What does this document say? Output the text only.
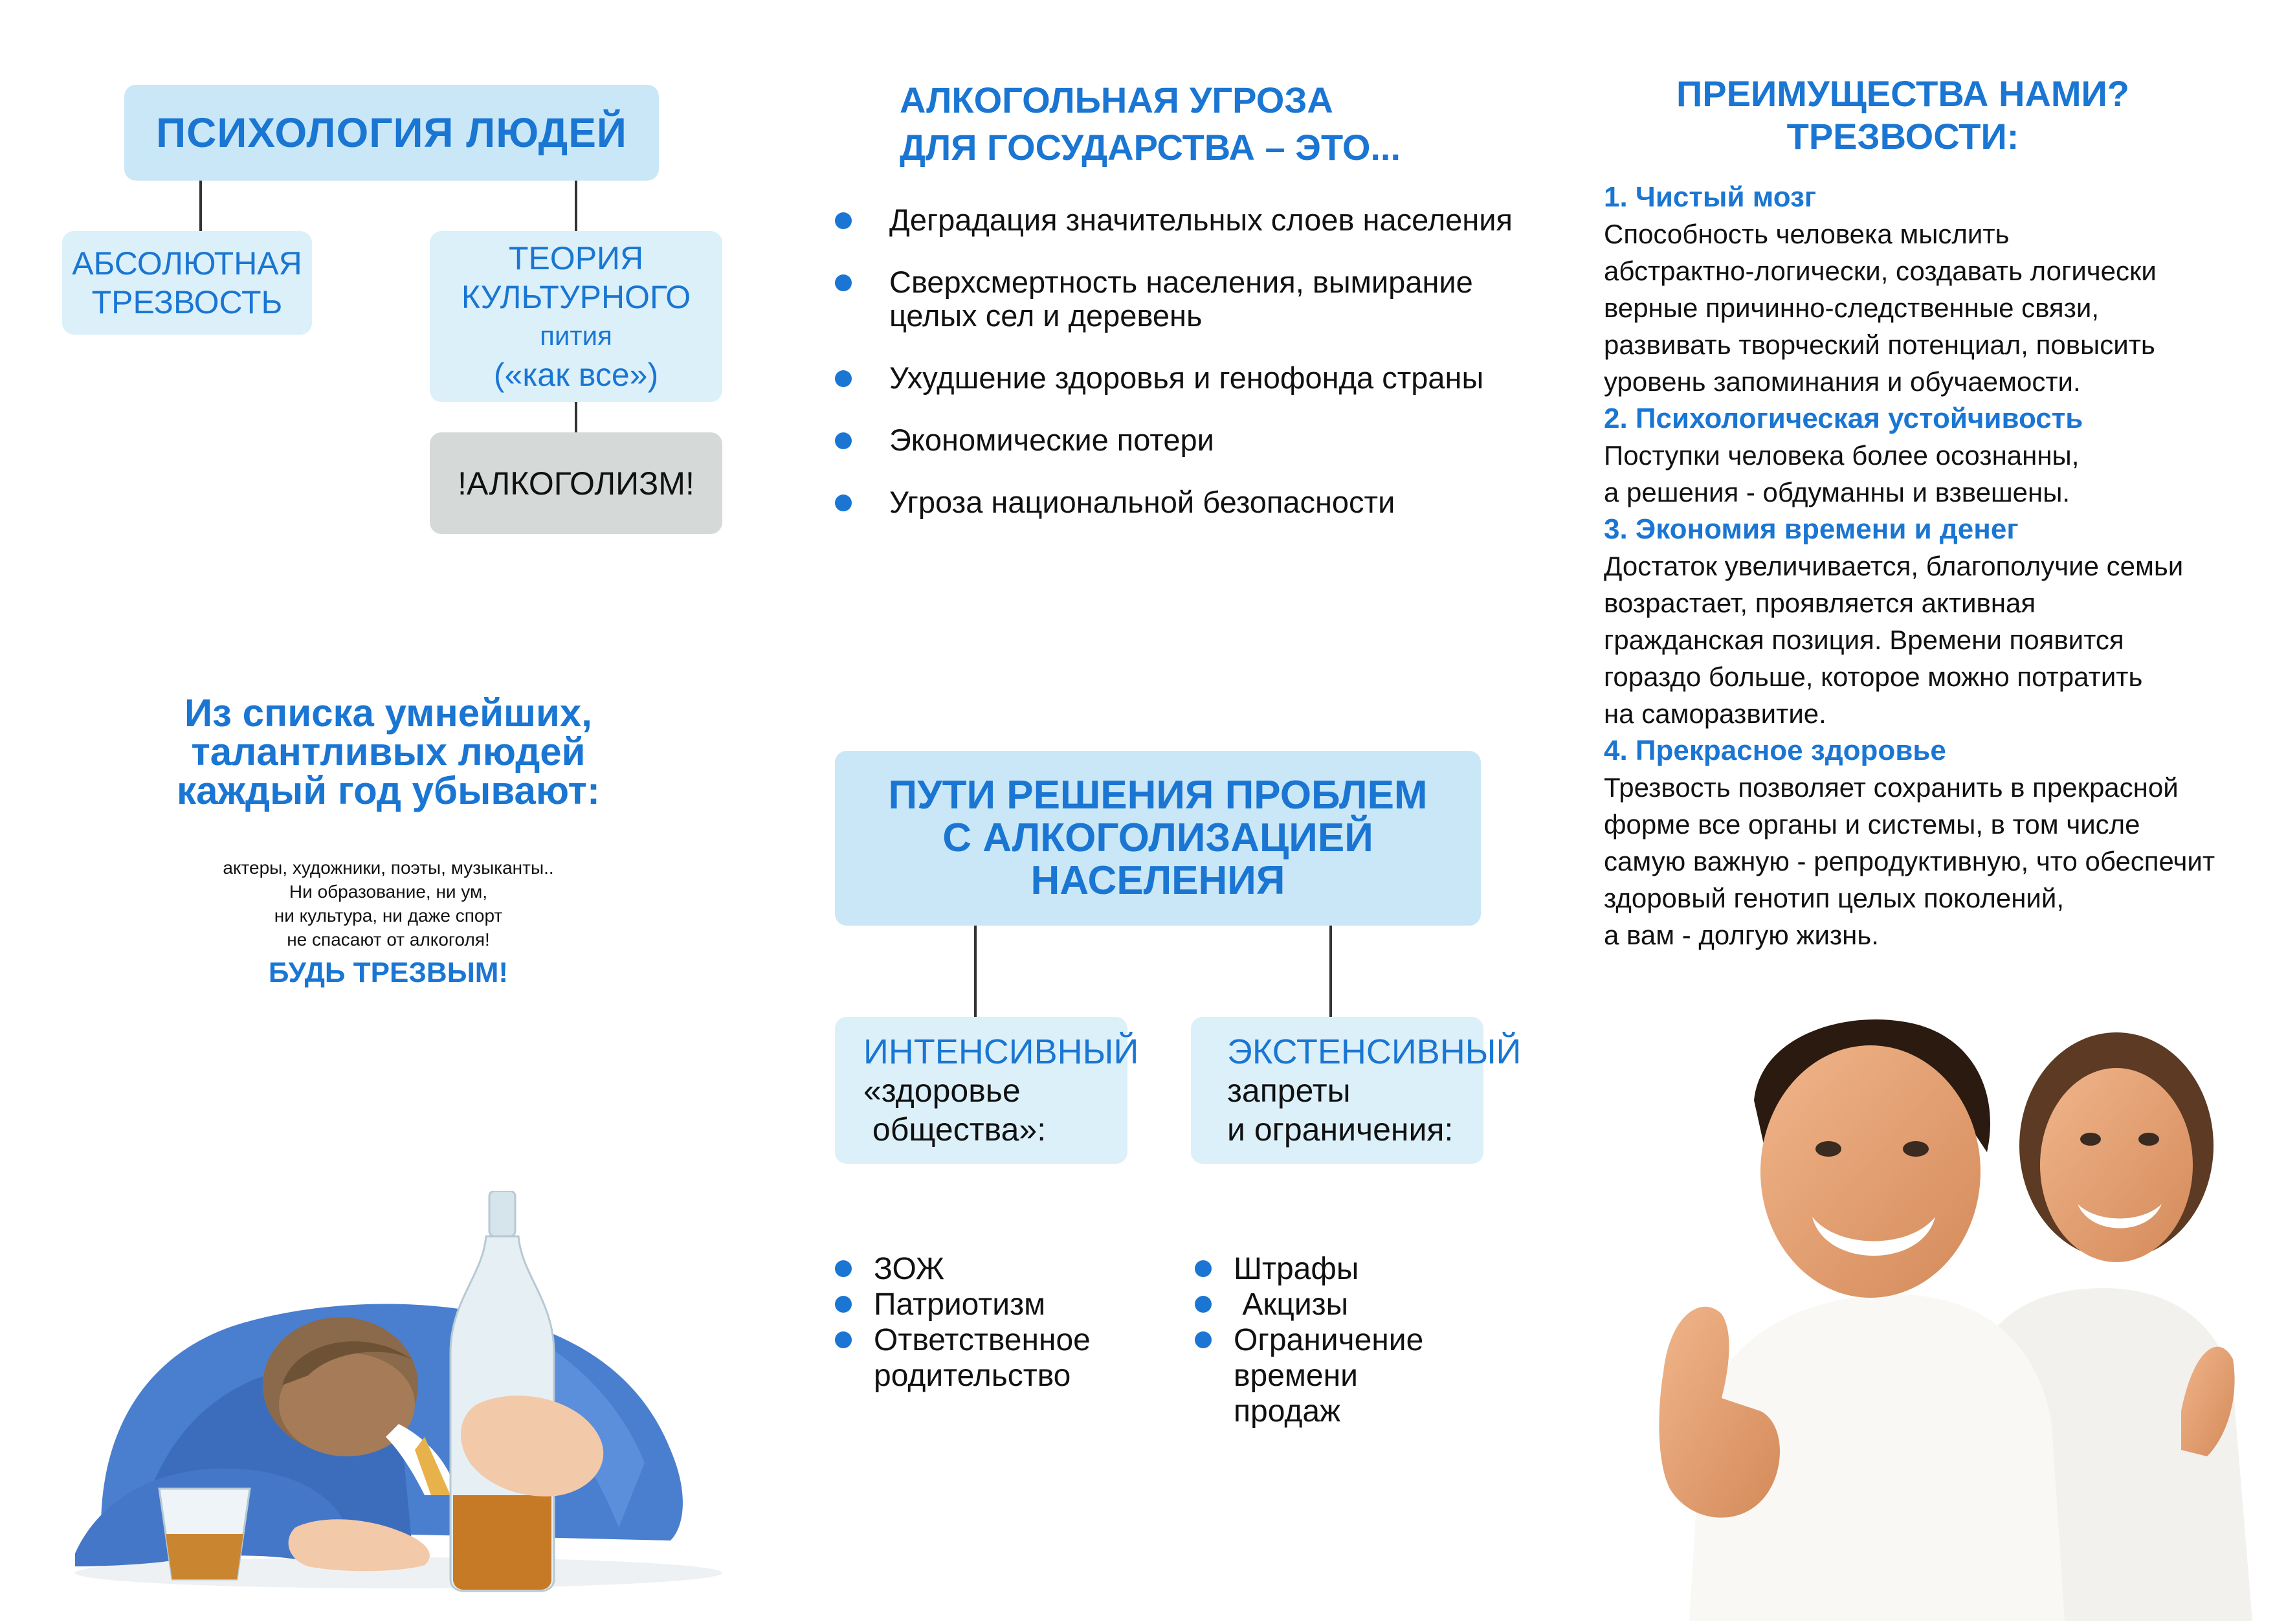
ПСИХОЛОГИЯ ЛЮДЕЙ
АБСОЛЮТНАЯ
ТРЕЗВОСТЬ
ТЕОРИЯ
КУЛЬТУРНОГО
пития
(«как все»)
!АЛКОГОЛИЗМ!
Из списка умнейших,
талантливых людей
каждый год убывают:
актеры, художники, поэты, музыканты..
Ни образование, ни ум,
ни культура, ни даже спорт
не спасают от алкоголя!
БУДЬ ТРЕЗВЫМ!
АЛКОГОЛЬНАЯ УГРОЗА
ДЛЯ ГОСУДАРСТВА – ЭТО...
Деградация значительных слоев населения
Сверхсмертность населения, вымирание
целых сел и деревень
Ухудшение здоровья и генофонда страны
Экономические потери
Угроза национальной безопасности
ПУТИ РЕШЕНИЯ ПРОБЛЕМ
С АЛКОГОЛИЗАЦИЕЙ
НАСЕЛЕНИЯ
ИНТЕНСИВНЫЙ
«здоровье
общества»:
ЭКСТЕНСИВНЫЙ
запреты
и ограничения:
ЗОЖ
Патриотизм
Ответственное
родительство
Штрафы
Акцизы
Ограничение
времени
продаж
ПРЕИМУЩЕСТВА НАМИ?
ТРЕЗВОСТИ:
1. Чистый мозг
Способность человека мыслить
абстрактно-логически, создавать логически
верные причинно-следственные связи,
развивать творческий потенциал, повысить
уровень запоминания и обучаемости.
2. Психологическая устойчивость
Поступки человека более осознанны,
а решения - обдуманны и взвешены.
3. Экономия времени и денег
Достаток увеличивается, благополучие семьи
возрастает, проявляется активная
гражданская позиция. Времени появится
гораздо больше, которое можно потратить
на саморазвитие.
4. Прекрасное здоровье
Трезвость позволяет сохранить в прекрасной
форме все органы и системы, в том числе
самую важную - репродуктивную, что обеспечит
здоровый генотип целых поколений,
а вам - долгую жизнь.
